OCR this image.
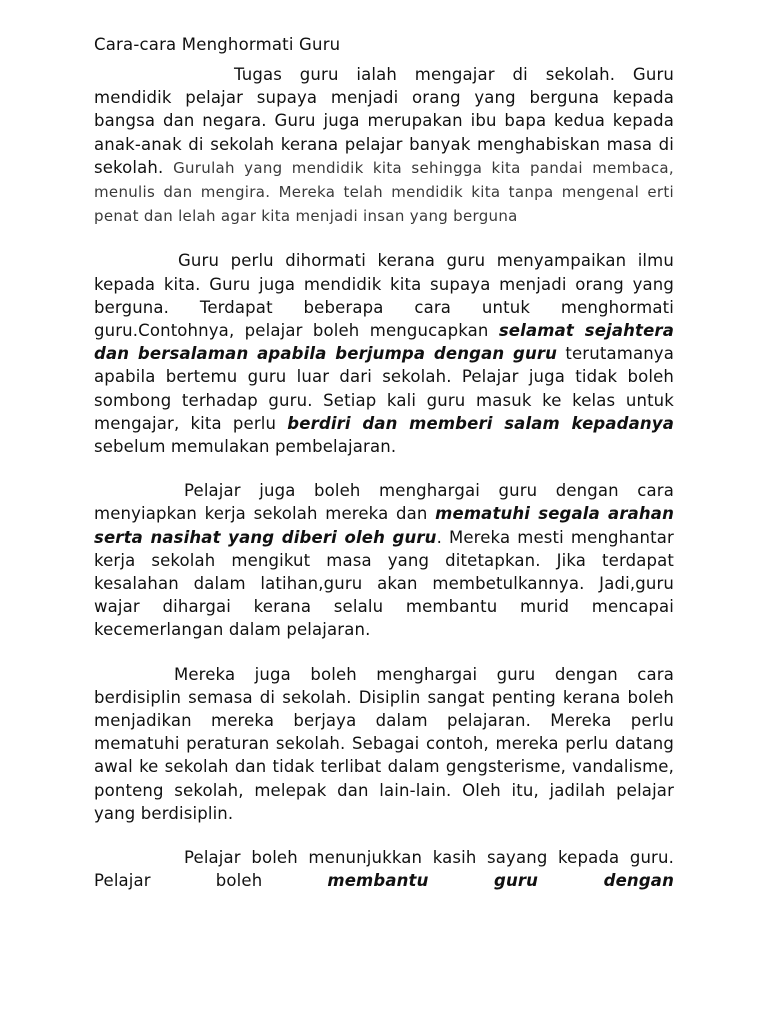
Cara-cara Menghormati Guru

Tugas guru ialah mengajar di sekolah. Guru mendidik pelajar supaya menjadi orang yang berguna kepada bangsa dan negara. Guru juga merupakan ibu bapa kedua kepada anak-anak di sekolah kerana pelajar banyak menghabiskan masa di sekolah. Gurulah yang mendidik kita sehingga kita pandai membaca, menulis dan mengira. Mereka telah mendidik kita tanpa mengenal erti penat dan lelah agar kita menjadi insan yang berguna

Guru perlu dihormati kerana guru menyampaikan ilmu kepada kita. Guru juga mendidik kita supaya menjadi orang yang berguna. Terdapat beberapa cara untuk menghormati guru.Contohnya, pelajar boleh mengucapkan selamat sejahtera dan bersalaman apabila berjumpa dengan guru terutamanya apabila bertemu guru luar dari sekolah. Pelajar juga tidak boleh sombong terhadap guru. Setiap kali guru masuk ke kelas untuk mengajar, kita perlu berdiri dan memberi salam kepadanya sebelum memulakan pembelajaran.

Pelajar juga boleh menghargai guru dengan cara menyiapkan kerja sekolah mereka dan mematuhi segala arahan serta nasihat yang diberi oleh guru. Mereka mesti menghantar kerja sekolah mengikut masa yang ditetapkan. Jika terdapat kesalahan dalam latihan,guru akan membetulkannya. Jadi,guru wajar dihargai kerana selalu membantu murid mencapai kecemerlangan dalam pelajaran.

Mereka juga boleh menghargai guru dengan cara berdisiplin semasa di sekolah. Disiplin sangat penting kerana boleh menjadikan mereka berjaya dalam pelajaran. Mereka perlu mematuhi peraturan sekolah. Sebagai contoh, mereka perlu datang awal ke sekolah dan tidak terlibat dalam gengsterisme, vandalisme, ponteng sekolah, melepak dan lain-lain. Oleh itu, jadilah pelajar yang berdisiplin.

Pelajar boleh menunjukkan kasih sayang kepada guru. Pelajar boleh	membantu guru dengan
